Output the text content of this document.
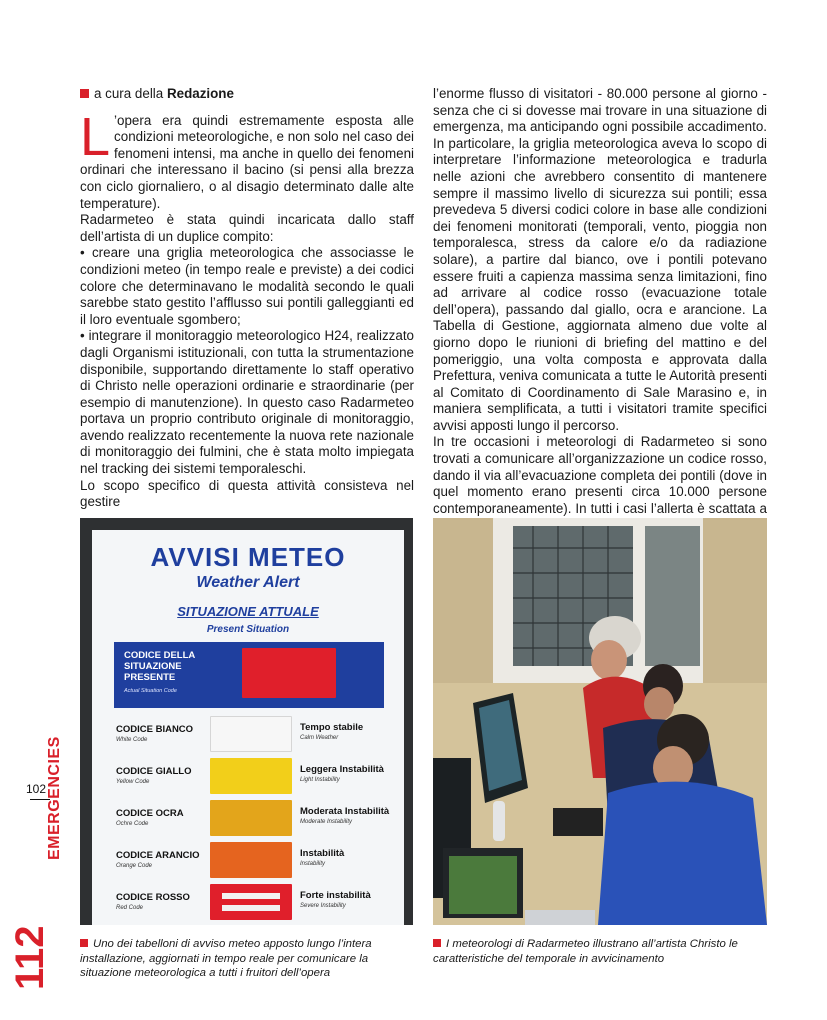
a cura della Redazione

L ’opera era quindi estremamente esposta alle condizioni meteorologiche, e non solo nel caso dei fenomeni intensi, ma anche in quello dei fenomeni ordinari che interessano il bacino (si pensi alla brezza con ciclo giornaliero, o al disagio determinato dalle alte temperature).

Radarmeteo è stata quindi incaricata dallo staff dell’artista di un duplice compito:

• creare una griglia meteorologica che associasse le condizioni meteo (in tempo reale e previste) a dei codici colore che determinavano le modalità secondo le quali sarebbe stato gestito l’afflusso sui pontili galleggianti ed il loro eventuale sgombero;

• integrare il monitoraggio meteorologico H24, realizzato dagli Organismi istituzionali, con tutta la strumentazione disponibile, supportando direttamente lo staff operativo di Christo nelle operazioni ordinarie e straordinarie (per esempio di manutenzione). In questo caso Radarmeteo portava un proprio contributo originale di monitoraggio, avendo realizzato recentemente la nuova rete nazionale di monitoraggio dei fulmini, che è stata molto impiegata nel tracking dei sistemi temporaleschi.

Lo scopo specifico di questa attività consisteva nel gestire

l’enorme flusso di visitatori - 80.000 persone al giorno - senza che ci si dovesse mai trovare in una situazione di emergenza, ma anticipando ogni possibile accadimento. In particolare, la griglia meteorologica aveva lo scopo di interpretare l’informazione meteorologica e tradurla nelle azioni che avrebbero consentito di mantenere sempre il massimo livello di sicurezza sui pontili; essa prevedeva 5 diversi codici colore in base alle condizioni dei fenomeni monitorati (temporali, vento, pioggia non temporalesca, stress da calore e/o da radiazione solare), a partire dal bianco, ove i pontili potevano essere fruiti a capienza massima senza limitazioni, fino ad arrivare al codice rosso (evacuazione totale dell’opera), passando dal giallo, ocra e arancione. La Tabella di Gestione, aggiornata almeno due volte al giorno dopo le riunioni di briefing del mattino e del pomeriggio, una volta composta e approvata dalla Prefettura, veniva comunicata a tutte le Autorità presenti al Comitato di Coordinamento di Sale Marasino e, in maniera semplificata, a tutti i visitatori tramite specifici avvisi apposti lungo il percorso.

In tre occasioni i meteorologi di Radarmeteo si sono trovati a comunicare all’organizzazione un codice rosso, dando il via all’evacuazione completa dei pontili (dove in quel momento erano presenti circa 10.000 persone contemporaneamente). In tutti i casi l’allerta è scattata a

AVVISI METEO
Weather Alert
SITUAZIONE ATTUALE
Present Situation
CODICE DELLA SITUAZIONE PRESENTE
Actual Situation Code
CODICE BIANCO
White Code
Tempo stabile
Calm Weather
CODICE GIALLO
Yellow Code
Leggera Instabilità
Light Instability
CODICE OCRA
Ochre Code
Moderata Instabilità
Moderate Instability
CODICE ARANCIO
Orange Code
Instabilità
Instability
CODICE ROSSO
Red Code
Forte instabilità
Severe Instability
Uno dei tabelloni di avviso meteo apposto lungo l’intera installazione, aggiornati in tempo reale per comunicare la situazione meteorologica a tutti i fruitori dell’opera
I meteorologi di Radarmeteo illustrano all’artista Christo le caratteristiche del temporale in avvicinamento
102 EMERGENCIES
112
